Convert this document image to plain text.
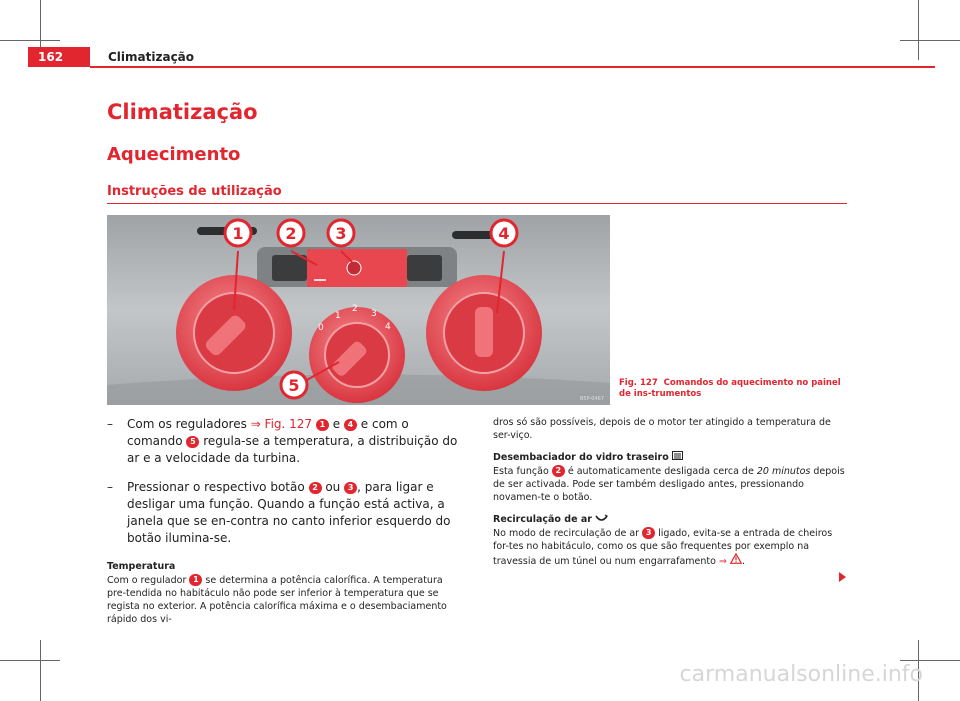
162	Climatização
Climatização
Aquecimento
Instruções de utilização
0
1
2 3
4
1	2 3	4
5
B5P-0467
Fig. 127 Comandos do aquecimento no painel de ins-trumentos
– Com os reguladores ⇒ Fig. 127 1 e 4 e com o comando 5 regula-se a temperatura, a distribuição do ar e a velocidade da turbina.
– Pressionar o respectivo botão 2 ou 3 , para ligar e desligar uma função. Quando a função está activa, a janela que se en-contra no canto inferior esquerdo do botão ilumina-se.
Temperatura
Com o regulador 1 se determina a potência calorífica. A temperatura pre-tendida no habitáculo não pode ser inferior à temperatura que se regista no exterior. A potência calorífica máxima e o desembaciamento rápido dos vi-
dros só são possíveis, depois de o motor ter atingido a temperatura de ser-viço.
Desembaciador do vidro traseiro
Esta função 2 é automaticamente desligada cerca de 20 minutos depois de ser activada. Pode ser também desligado antes, pressionando novamen-te o botão.
Recirculação de ar
No modo de recirculação de ar 3 ligado, evita-se a entrada de cheiros for-tes no habitáculo, como os que são frequentes por exemplo na travessia de um túnel ou num engarrafamento ⇒ .
carmanualsonline.info
